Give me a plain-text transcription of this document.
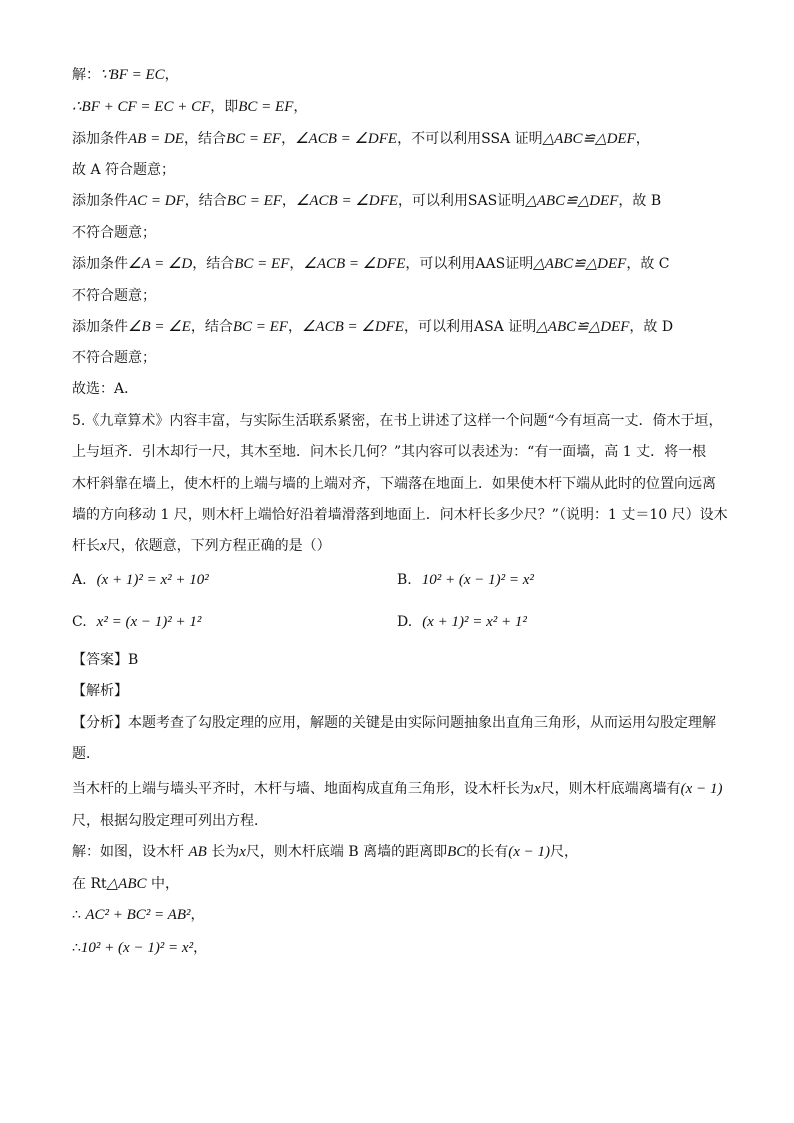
解：∵BF = EC，
∴BF + CF = EC + CF，即BC = EF，
添加条件AB = DE，结合BC = EF，∠ACB = ∠DFE，不可以利用SSA 证明△ABC≌△DEF，
故 A 符合题意；
添加条件AC = DF，结合BC = EF，∠ACB = ∠DFE，可以利用SAS证明△ABC≌△DEF，故 B
不符合题意；
添加条件∠A = ∠D，结合BC = EF，∠ACB = ∠DFE，可以利用AAS证明△ABC≌△DEF，故 C
不符合题意；
添加条件∠B = ∠E，结合BC = EF，∠ACB = ∠DFE，可以利用ASA 证明△ABC≌△DEF，故 D
不符合题意；
故选：A．
5.《九章算术》内容丰富，与实际生活联系紧密，在书上讲述了这样一个问题“今有垣高一丈．倚木于垣，
上与垣齐．引木却行一尺，其木至地．问木长几何？”其内容可以表述为：“有一面墙，高 1 丈．将一根
木杆斜靠在墙上，使木杆的上端与墙的上端对齐，下端落在地面上．如果使木杆下端从此时的位置向远离
墙的方向移动 1 尺，则木杆上端恰好沿着墙滑落到地面上．问木杆长多少尺？”（说明：1 丈＝10 尺）设木
杆长x尺，依题意，下列方程正确的是（）
A. (x + 1)² = x² + 10²	B. 10² + (x − 1)² = x²
C. x² = (x − 1)² + 1²	D. (x + 1)² = x² + 1²
【答案】B
【解析】
【分析】本题考查了勾股定理的应用，解题的关键是由实际问题抽象出直角三角形，从而运用勾股定理解
题．
当木杆的上端与墙头平齐时，木杆与墙、地面构成直角三角形，设木杆长为x尺，则木杆底端离墙有(x − 1)
尺，根据勾股定理可列出方程．
解：如图，设木杆 AB 长为x尺，则木杆底端 B 离墙的距离即BC的长有(x − 1)尺，
在 Rt△ABC 中，
∴ AC² + BC² = AB²，
∴10² + (x − 1)² = x²，
